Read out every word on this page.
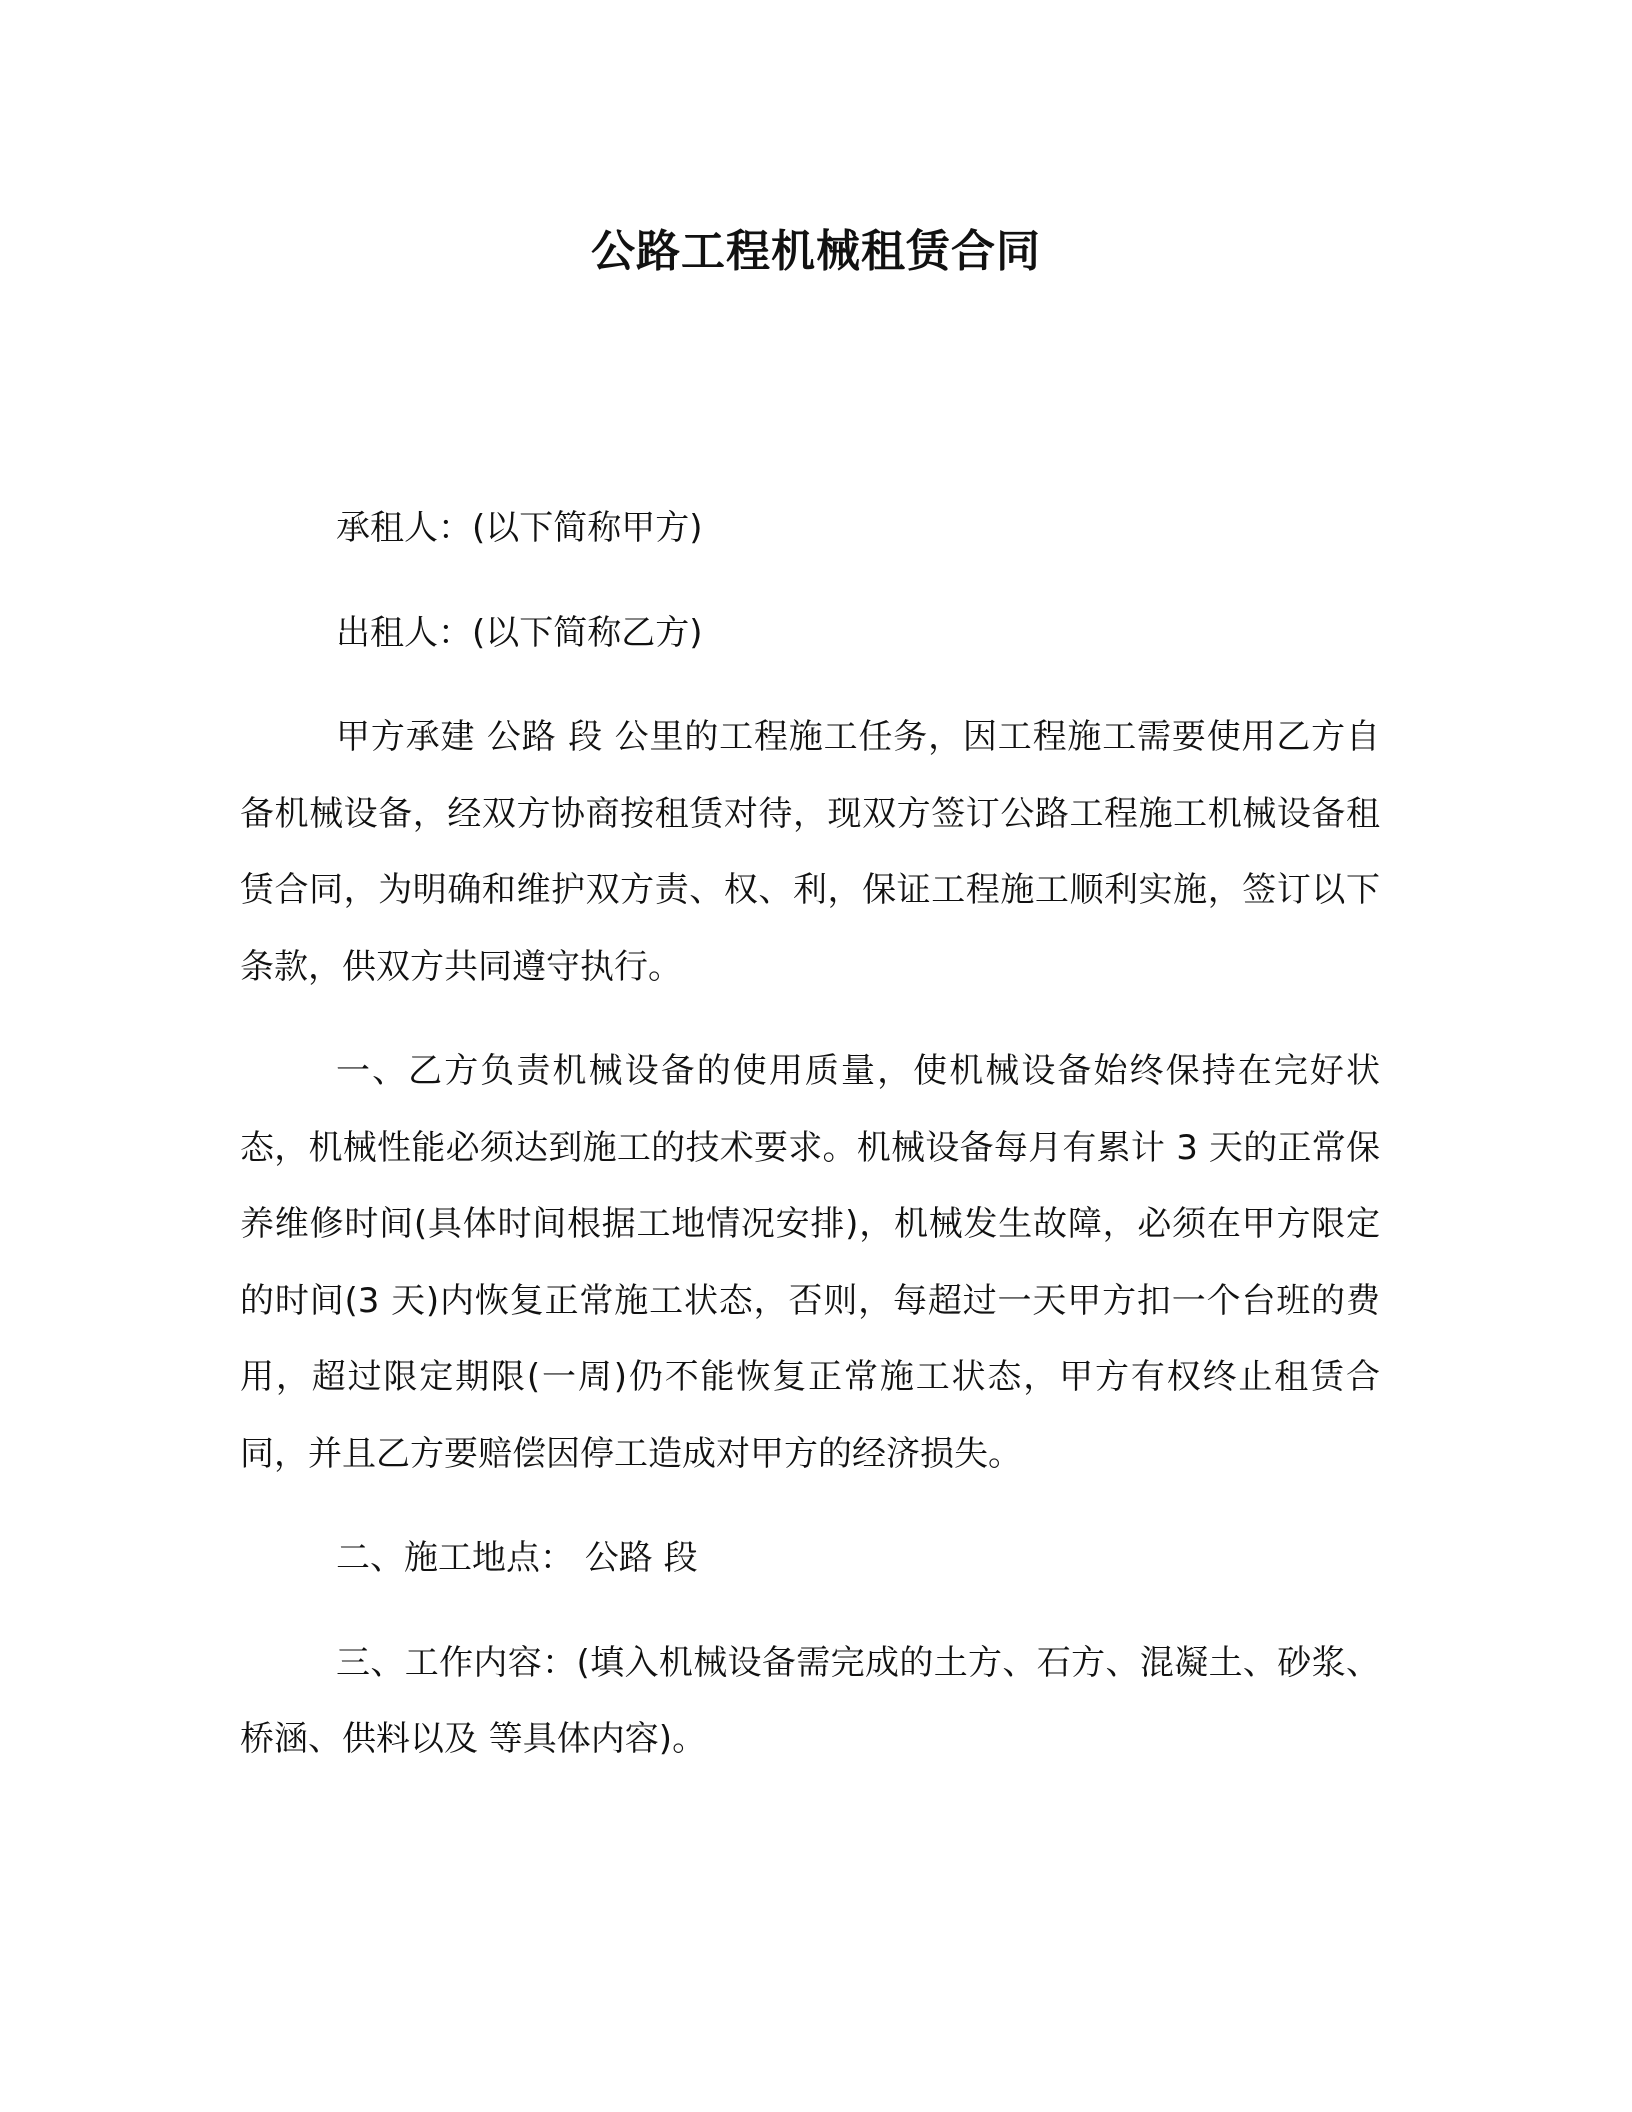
公路工程机械租赁合同

承租人：(以下简称甲方)

出租人：(以下简称乙方)

甲方承建 公路 段 公里的工程施工任务，因工程施工需要使用乙方自备机械设备，经双方协商按租赁对待，现双方签订公路工程施工机械设备租赁合同，为明确和维护双方责、权、利，保证工程施工顺利实施，签订以下条款，供双方共同遵守执行。

一、乙方负责机械设备的使用质量，使机械设备始终保持在完好状态，机械性能必须达到施工的技术要求。机械设备每月有累计 3 天的正常保养维修时间(具体时间根据工地情况安排)，机械发生故障，必须在甲方限定的时间(3 天)内恢复正常施工状态，否则，每超过一天甲方扣一个台班的费用，超过限定期限(一周)仍不能恢复正常施工状态，甲方有权终止租赁合同，并且乙方要赔偿因停工造成对甲方的经济损失。

二、施工地点： 公路 段

三、工作内容：(填入机械设备需完成的土方、石方、混凝土、砂浆、桥涵、供料以及 等具体内容)。
